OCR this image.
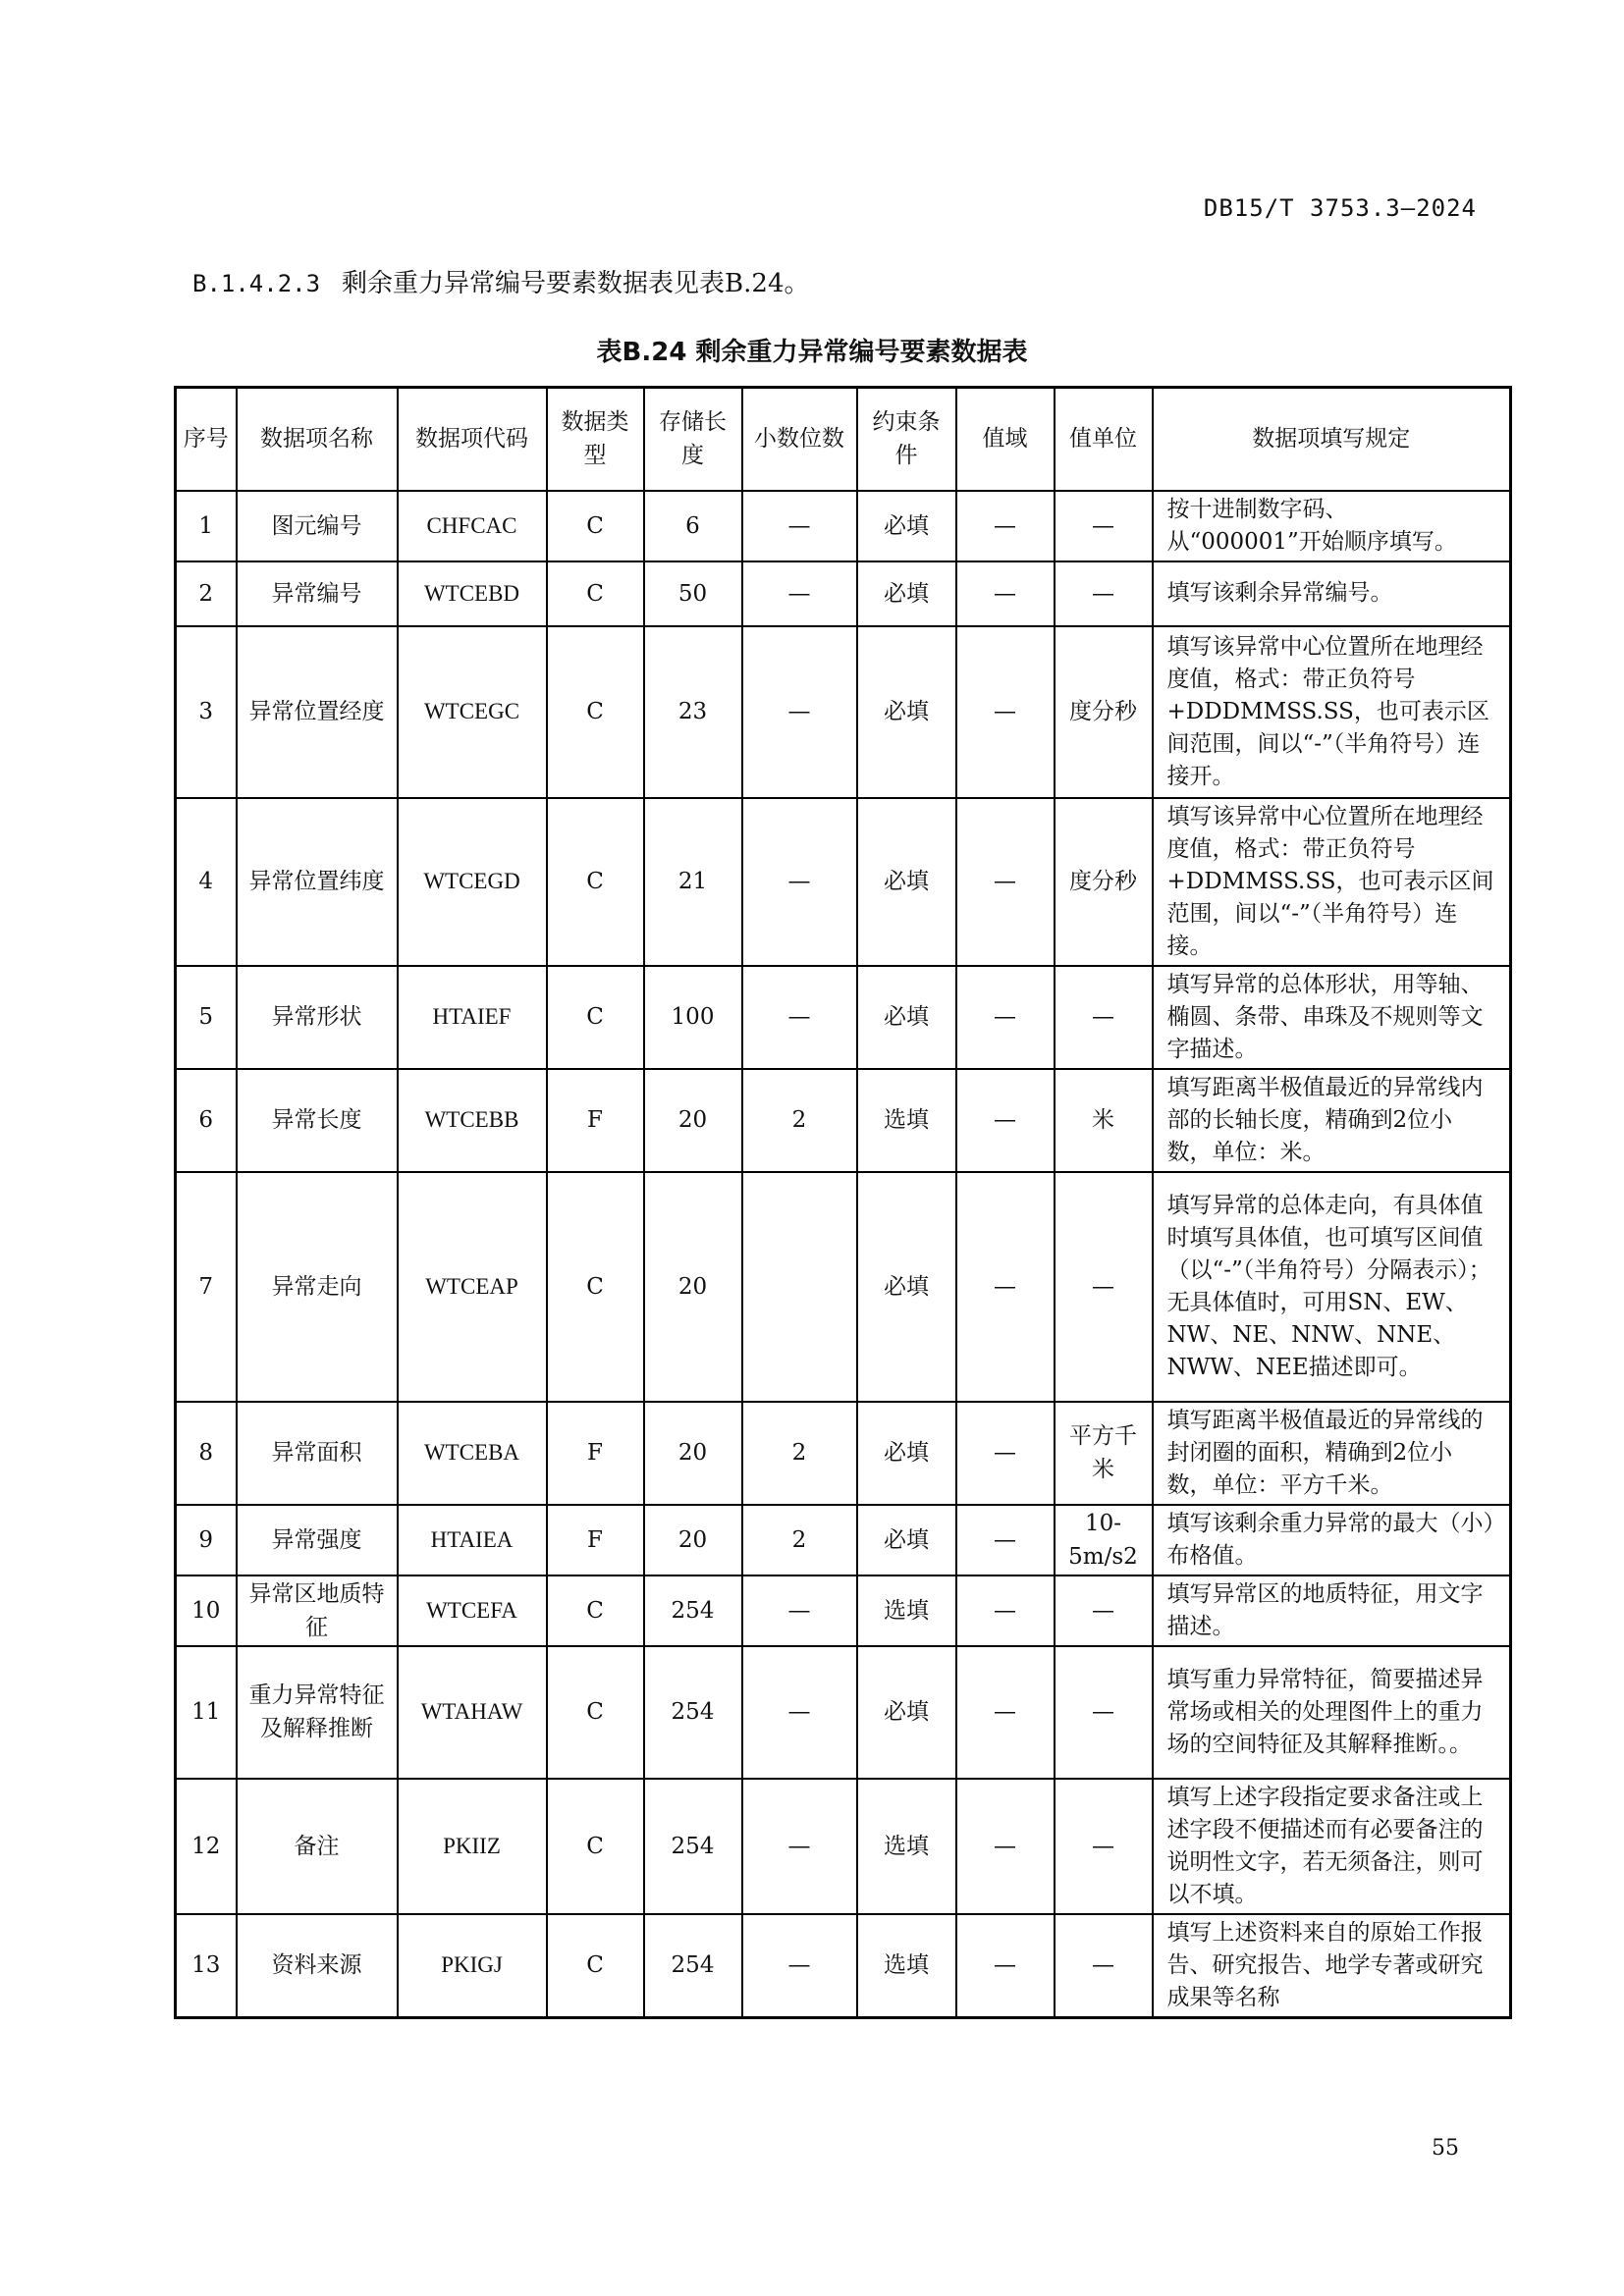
DB15/T 3753.3—2024
B.1.4.2.3 剩余重力异常编号要素数据表见表B.24。
表B.24 剩余重力异常编号要素数据表
序号	数据项名称	数据项代码	数据类型	存储长度	小数位数	约束条件	值域	值单位	数据项填写规定
1	图元编号	CHFCAC	C	6	—	必填	—	—	按十进制数字码、从“000001”开始顺序填写。
2	异常编号	WTCEBD	C	50	—	必填	—	—	填写该剩余异常编号。
3	异常位置经度	WTCEGC	C	23	—	必填	—	度分秒	填写该异常中心位置所在地理经度值，格式：带正负符号+DDDMMSS.SS，也可表示区间范围，间以“-”（半角符号）连接开。
4	异常位置纬度	WTCEGD	C	21	—	必填	—	度分秒	填写该异常中心位置所在地理经度值，格式：带正负符号+DDMMSS.SS，也可表示区间范围，间以“-”（半角符号）连接。
5	异常形状	HTAIEF	C	100	—	必填	—	—	填写异常的总体形状，用等轴、椭圆、条带、串珠及不规则等文字描述。
6	异常长度	WTCEBB	F	20	2	选填	—	米	填写距离半极值最近的异常线内部的长轴长度，精确到2位小数，单位：米。
7	异常走向	WTCEAP	C	20		必填	—	—	填写异常的总体走向，有具体值时填写具体值，也可填写区间值（以“-”（半角符号）分隔表示）；无具体值时，可用SN、EW、NW、NE、NNW、NNE、NWW、NEE描述即可。
8	异常面积	WTCEBA	F	20	2	必填	—	平方千米	填写距离半极值最近的异常线的封闭圈的面积，精确到2位小数，单位：平方千米。
9	异常强度	HTAIEA	F	20	2	必填	—	10-5m/s2	填写该剩余重力异常的最大（小）布格值。
10	异常区地质特征	WTCEFA	C	254	—	选填	—	—	填写异常区的地质特征，用文字描述。
11	重力异常特征及解释推断	WTAHAW	C	254	—	必填	—	—	填写重力异常特征，简要描述异常场或相关的处理图件上的重力场的空间特征及其解释推断。。
12	备注	PKIIZ	C	254	—	选填	—	—	填写上述字段指定要求备注或上述字段不便描述而有必要备注的说明性文字，若无须备注，则可以不填。
13	资料来源	PKIGJ	C	254	—	选填	—	—	填写上述资料来自的原始工作报告、研究报告、地学专著或研究成果等名称
55
